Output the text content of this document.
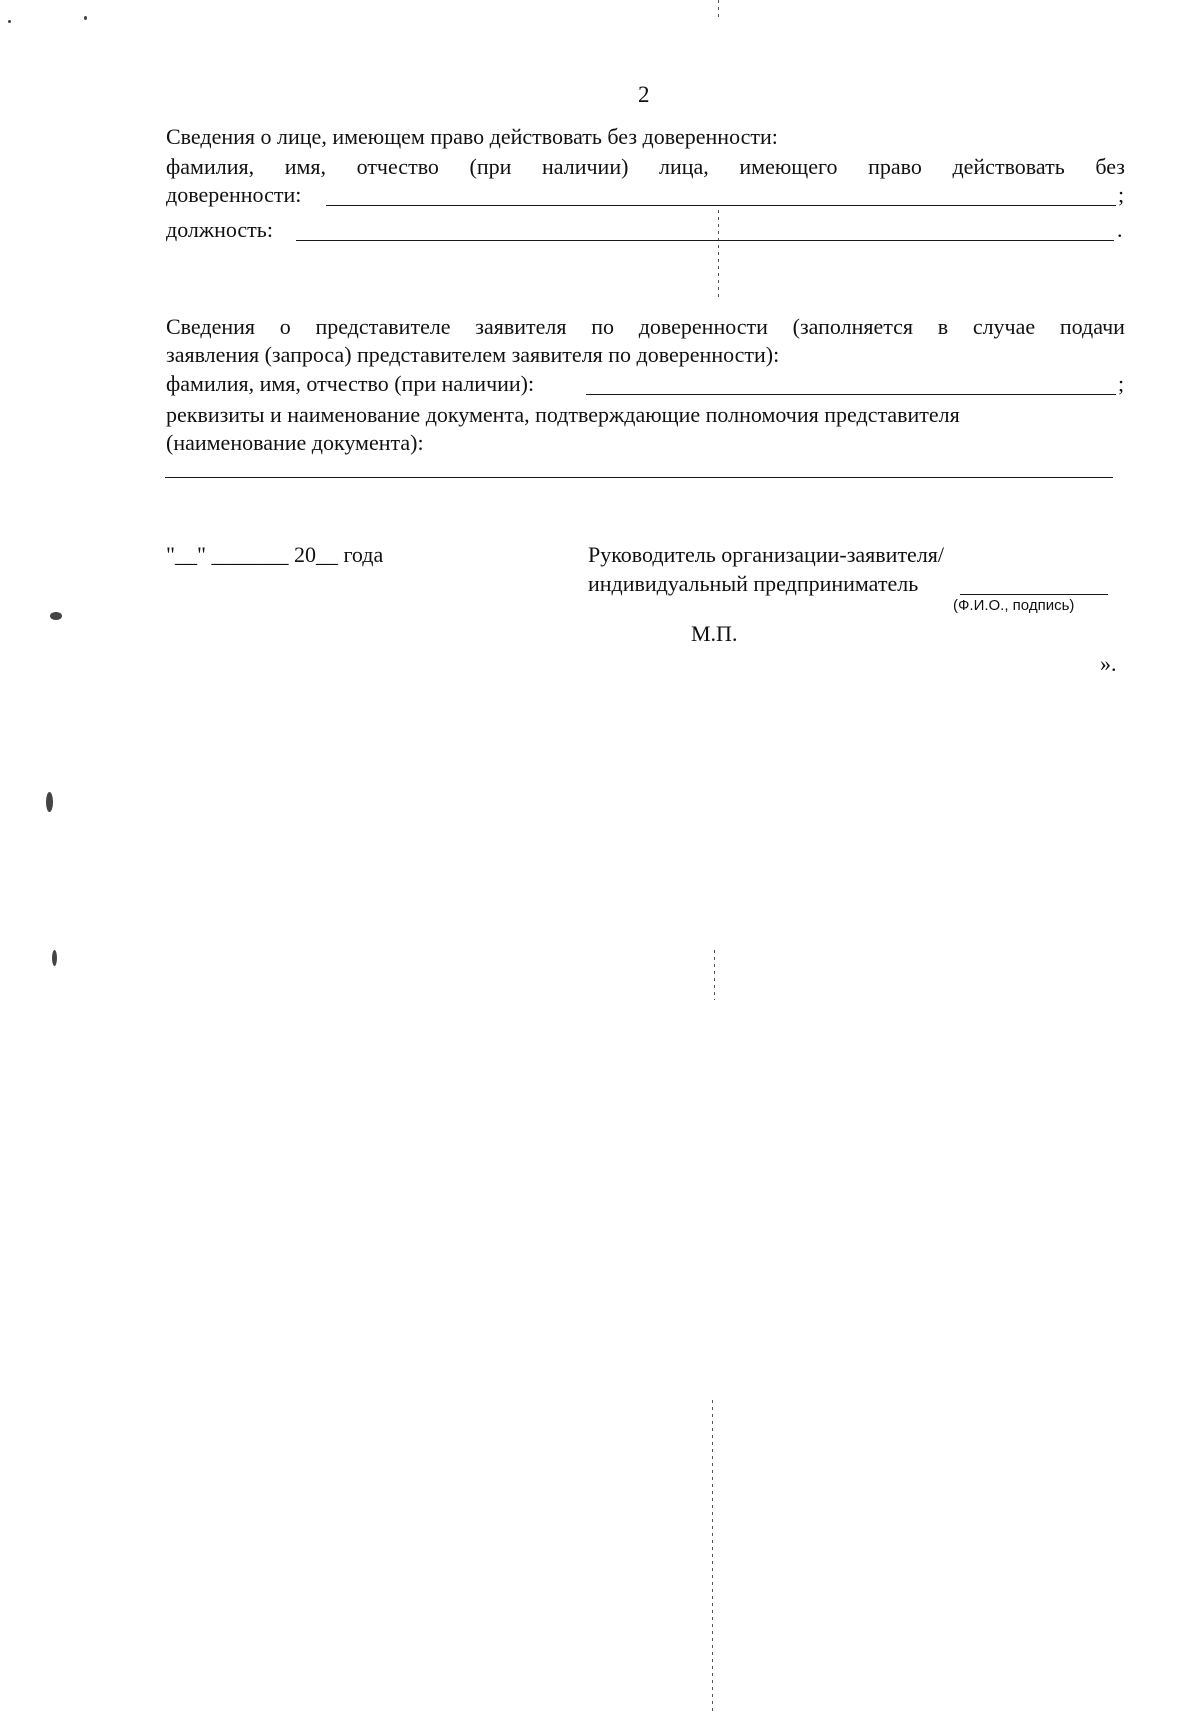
2
Сведения о лице, имеющем право действовать без доверенности:
фамилия, имя, отчество (при наличии) лица, имеющего право действовать без
доверенности:	;
должность:	.
Сведения о представителе заявителя по доверенности (заполняется в случае подачи
заявления (запроса) представителем заявителя по доверенности):
фамилия, имя, отчество (при наличии):	;
реквизиты и наименование документа, подтверждающие полномочия представителя
(наименование документа):
"__" _______ 20__ года	Руководитель организации-заявителя/
индивидуальный предприниматель
(Ф.И.О., подпись)
М.П.
».
